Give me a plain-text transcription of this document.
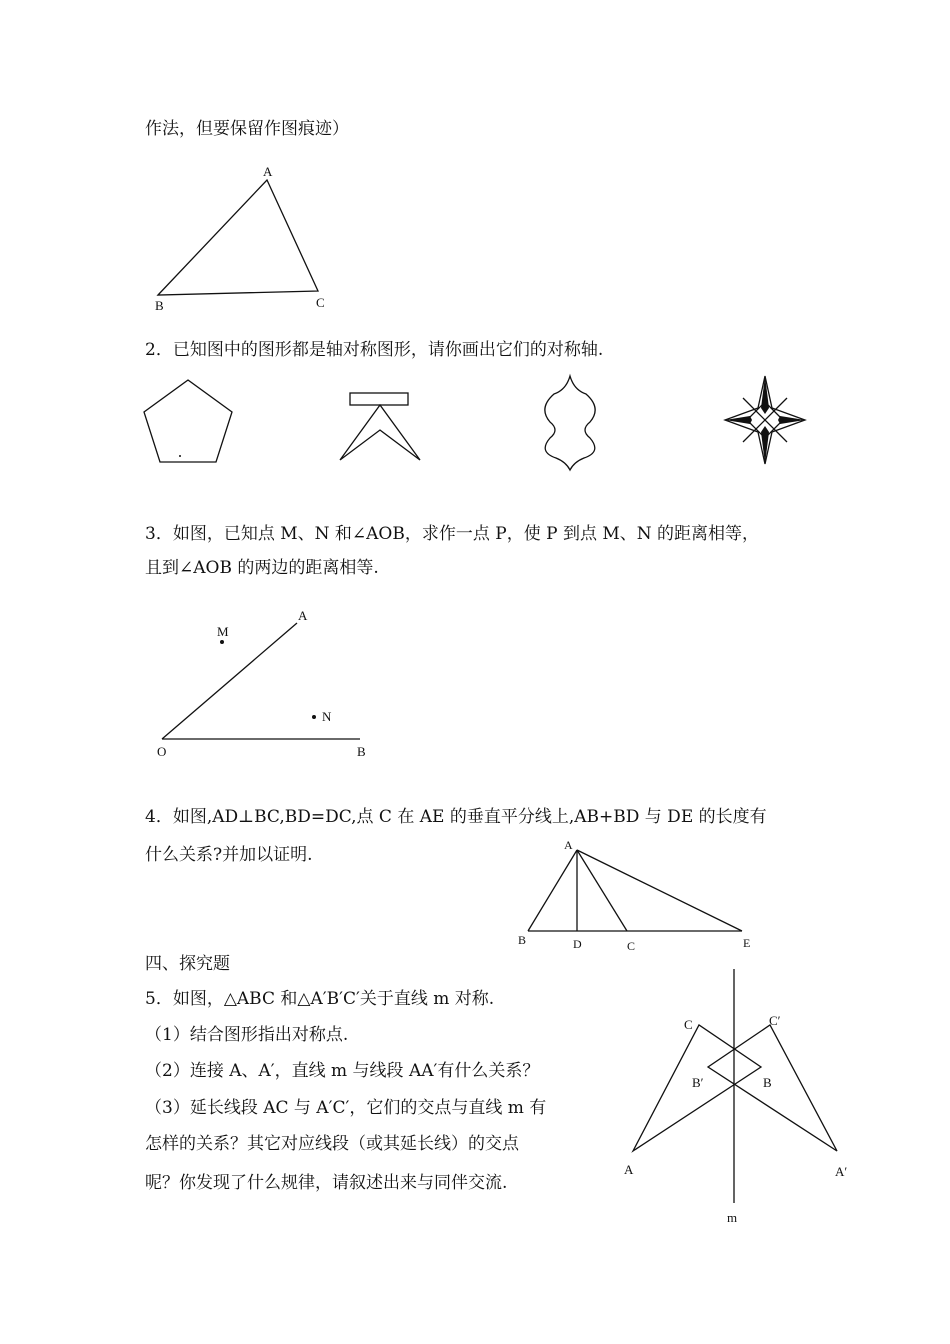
作法，但要保留作图痕迹）
A
B	C
2．已知图中的图形都是轴对称图形，请你画出它们的对称轴.
3．如图，已知点 M、N 和∠AOB，求作一点 P，使 P 到点 M、N 的距离相等，
且到∠AOB 的两边的距离相等.
A
M
N
O	B
4．如图,AD⊥BC,BD=DC,点 C 在 AE 的垂直平分线上,AB+BD 与 DE 的长度有
什么关系?并加以证明.	A
B	D	C	E
四、探究题
5．如图，△ABC 和△A′B′C′关于直线 m 对称.
（1）结合图形指出对称点.
（2）连接 A、A′，直线 m 与线段 AA′有什么关系？
（3）延长线段 AC 与 A′C′，它们的交点与直线 m 有
怎样的关系？其它对应线段（或其延长线）的交点
呢？你发现了什么规律，请叙述出来与同伴交流.
C	C′
B′	B
A	A′
m
